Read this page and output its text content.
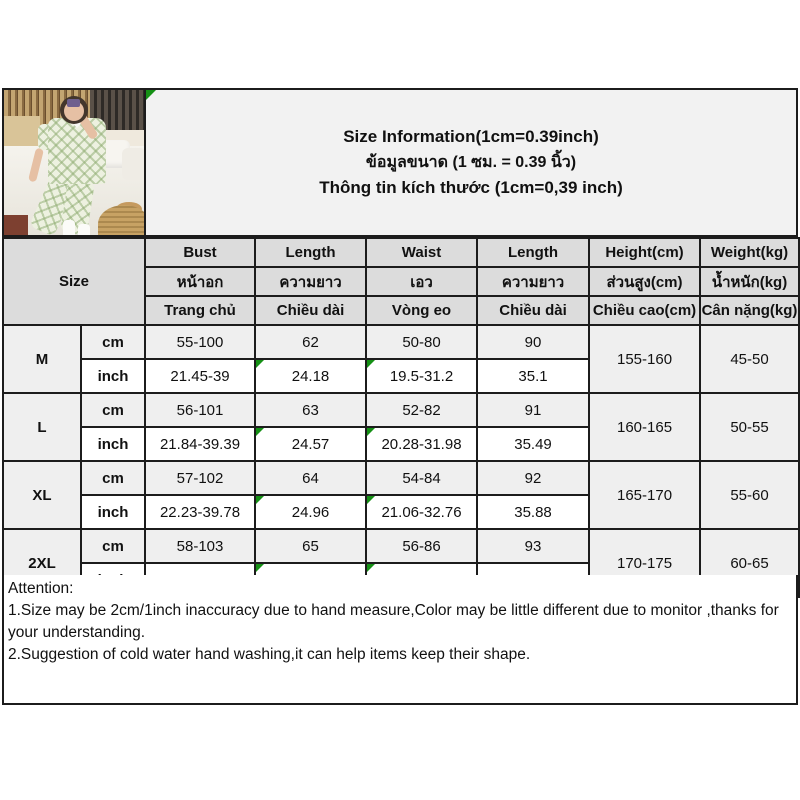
Size Information(1cm=0.39inch)
ข้อมูลขนาด (1 ซม. = 0.39 นิ้ว)
Thông tin kích thước (1cm=0,39 inch)
Size		Bust	Length	Waist	Length	Height(cm)	Weight(kg)
		หน้าอก	ความยาว	เอว	ความยาว	ส่วนสูง(cm)	น้ำหนัก(kg)
		Trang chủ	Chiều dài	Vòng eo	Chiều dài	Chiều cao(cm)	Cân nặng(kg)
M	cm	55-100	62	50-80	90	155-160	45-50
	inch	21.45-39	24.18	19.5-31.2	35.1		
L	cm	56-101	63	52-82	91	160-165	50-55
	inch	21.84-39.39	24.57	20.28-31.98	35.49		
XL	cm	57-102	64	54-84	92	165-170	55-60
	inch	22.23-39.78	24.96	21.06-32.76	35.88		
2XL	cm	58-103	65	56-86	93	170-175	60-65

Attention:
1.Size may be 2cm/1inch inaccuracy due to hand measure,Color may be little different due to monitor ,thanks for your understanding.
2.Suggestion of cold water hand washing,it can help items keep their shape.
